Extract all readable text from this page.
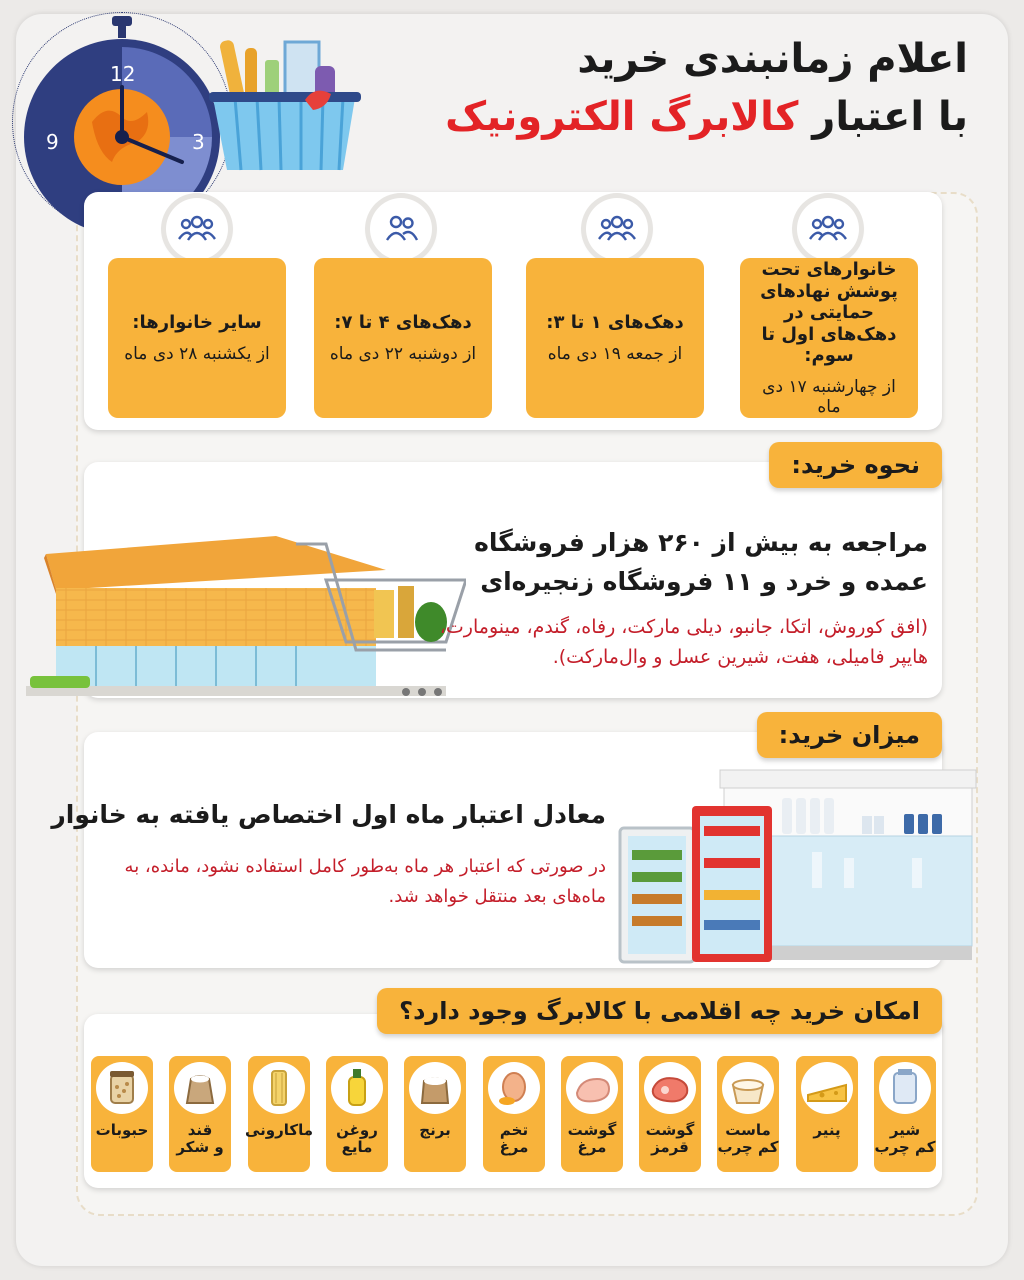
12
3
9
اعلام زمانبندی خرید
با اعتبار کالابرگ الکترونیک
خانوارهای تحت پوشش نهادهای حمایتی در دهک‌های اول تا سوم:
از چهارشنبه ۱۷ دی ماه
دهک‌های ۱ تا ۳:
از جمعه ۱۹ دی ماه
دهک‌های ۴ تا ۷:
از دوشنبه ۲۲ دی ماه
سایر خانوارها:
از یکشنبه ۲۸ دی ماه
نحوه خرید:
مراجعه به بیش از ۲۶۰ هزار فروشگاه عمده و خرد و ۱۱ فروشگاه زنجیره‌ای
(افق کوروش، اتکا، جانبو، دیلی مارکت، رفاه، گندم، مینومارت، هایپر فامیلی، هفت، شیرین عسل و وال‌مارکت).
میزان خرید:
معادل اعتبار ماه اول اختصاص یافته به خانوار
در صورتی که اعتبار هر ماه به‌طور کامل استفاده نشود، مانده، به ماه‌های بعد منتقل خواهد شد.
امکان خرید چه اقلامی با کالابرگ وجود دارد؟
شیر
کم چرب
پنیر
ماست
کم چرب
گوشت
قرمز
گوشت
مرغ
تخم مرغ
برنج
روغن
مایع
ماکارونی
قند
و شکر
حبوبات
